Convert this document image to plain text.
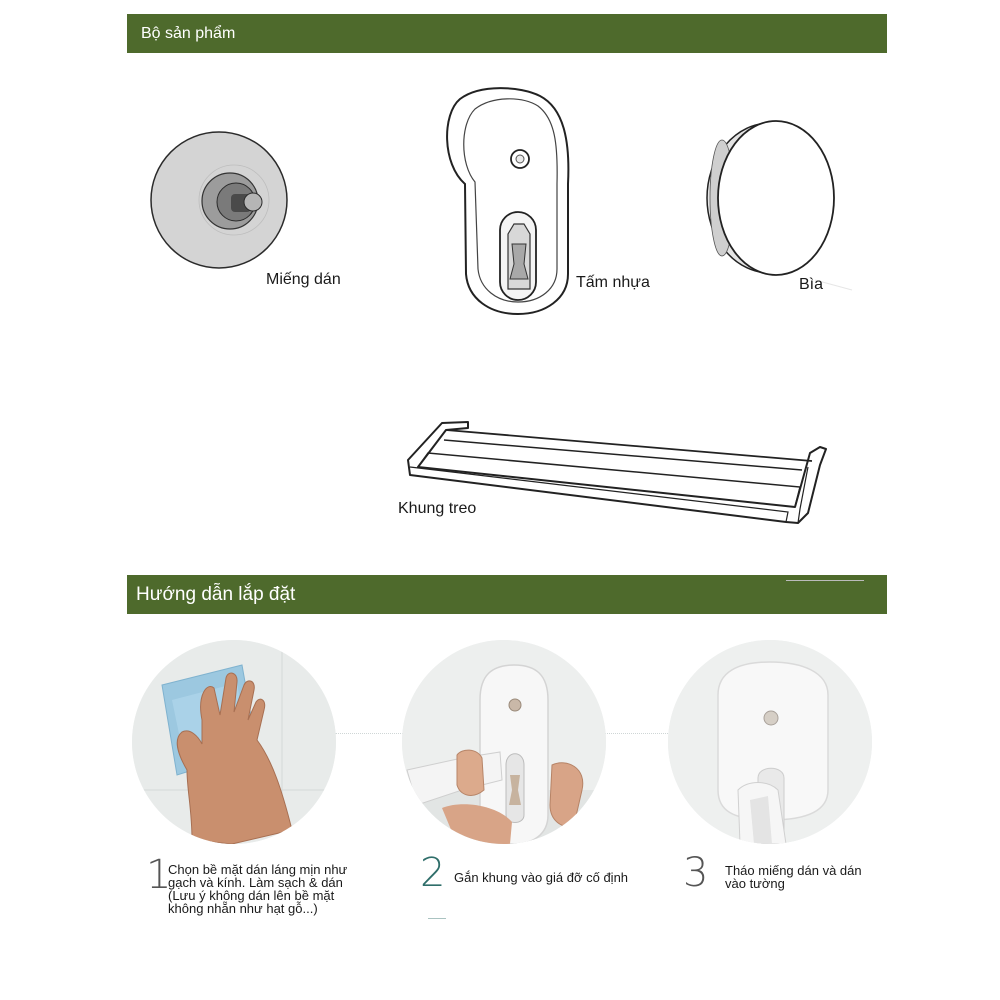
Bộ sản phẩm
Miếng dán	Tấm nhựa	Bìa
Khung treo
Hướng dẫn lắp đặt
1
Chọn bề mặt dán láng mịn như
gạch và kính. Làm sạch & dán
(Lưu ý không dán lên bề mặt
không nhẵn như hạt gỗ...)
2 Gắn khung vào giá đỡ cố định 3 Tháo miếng dán và dán
vào tường
